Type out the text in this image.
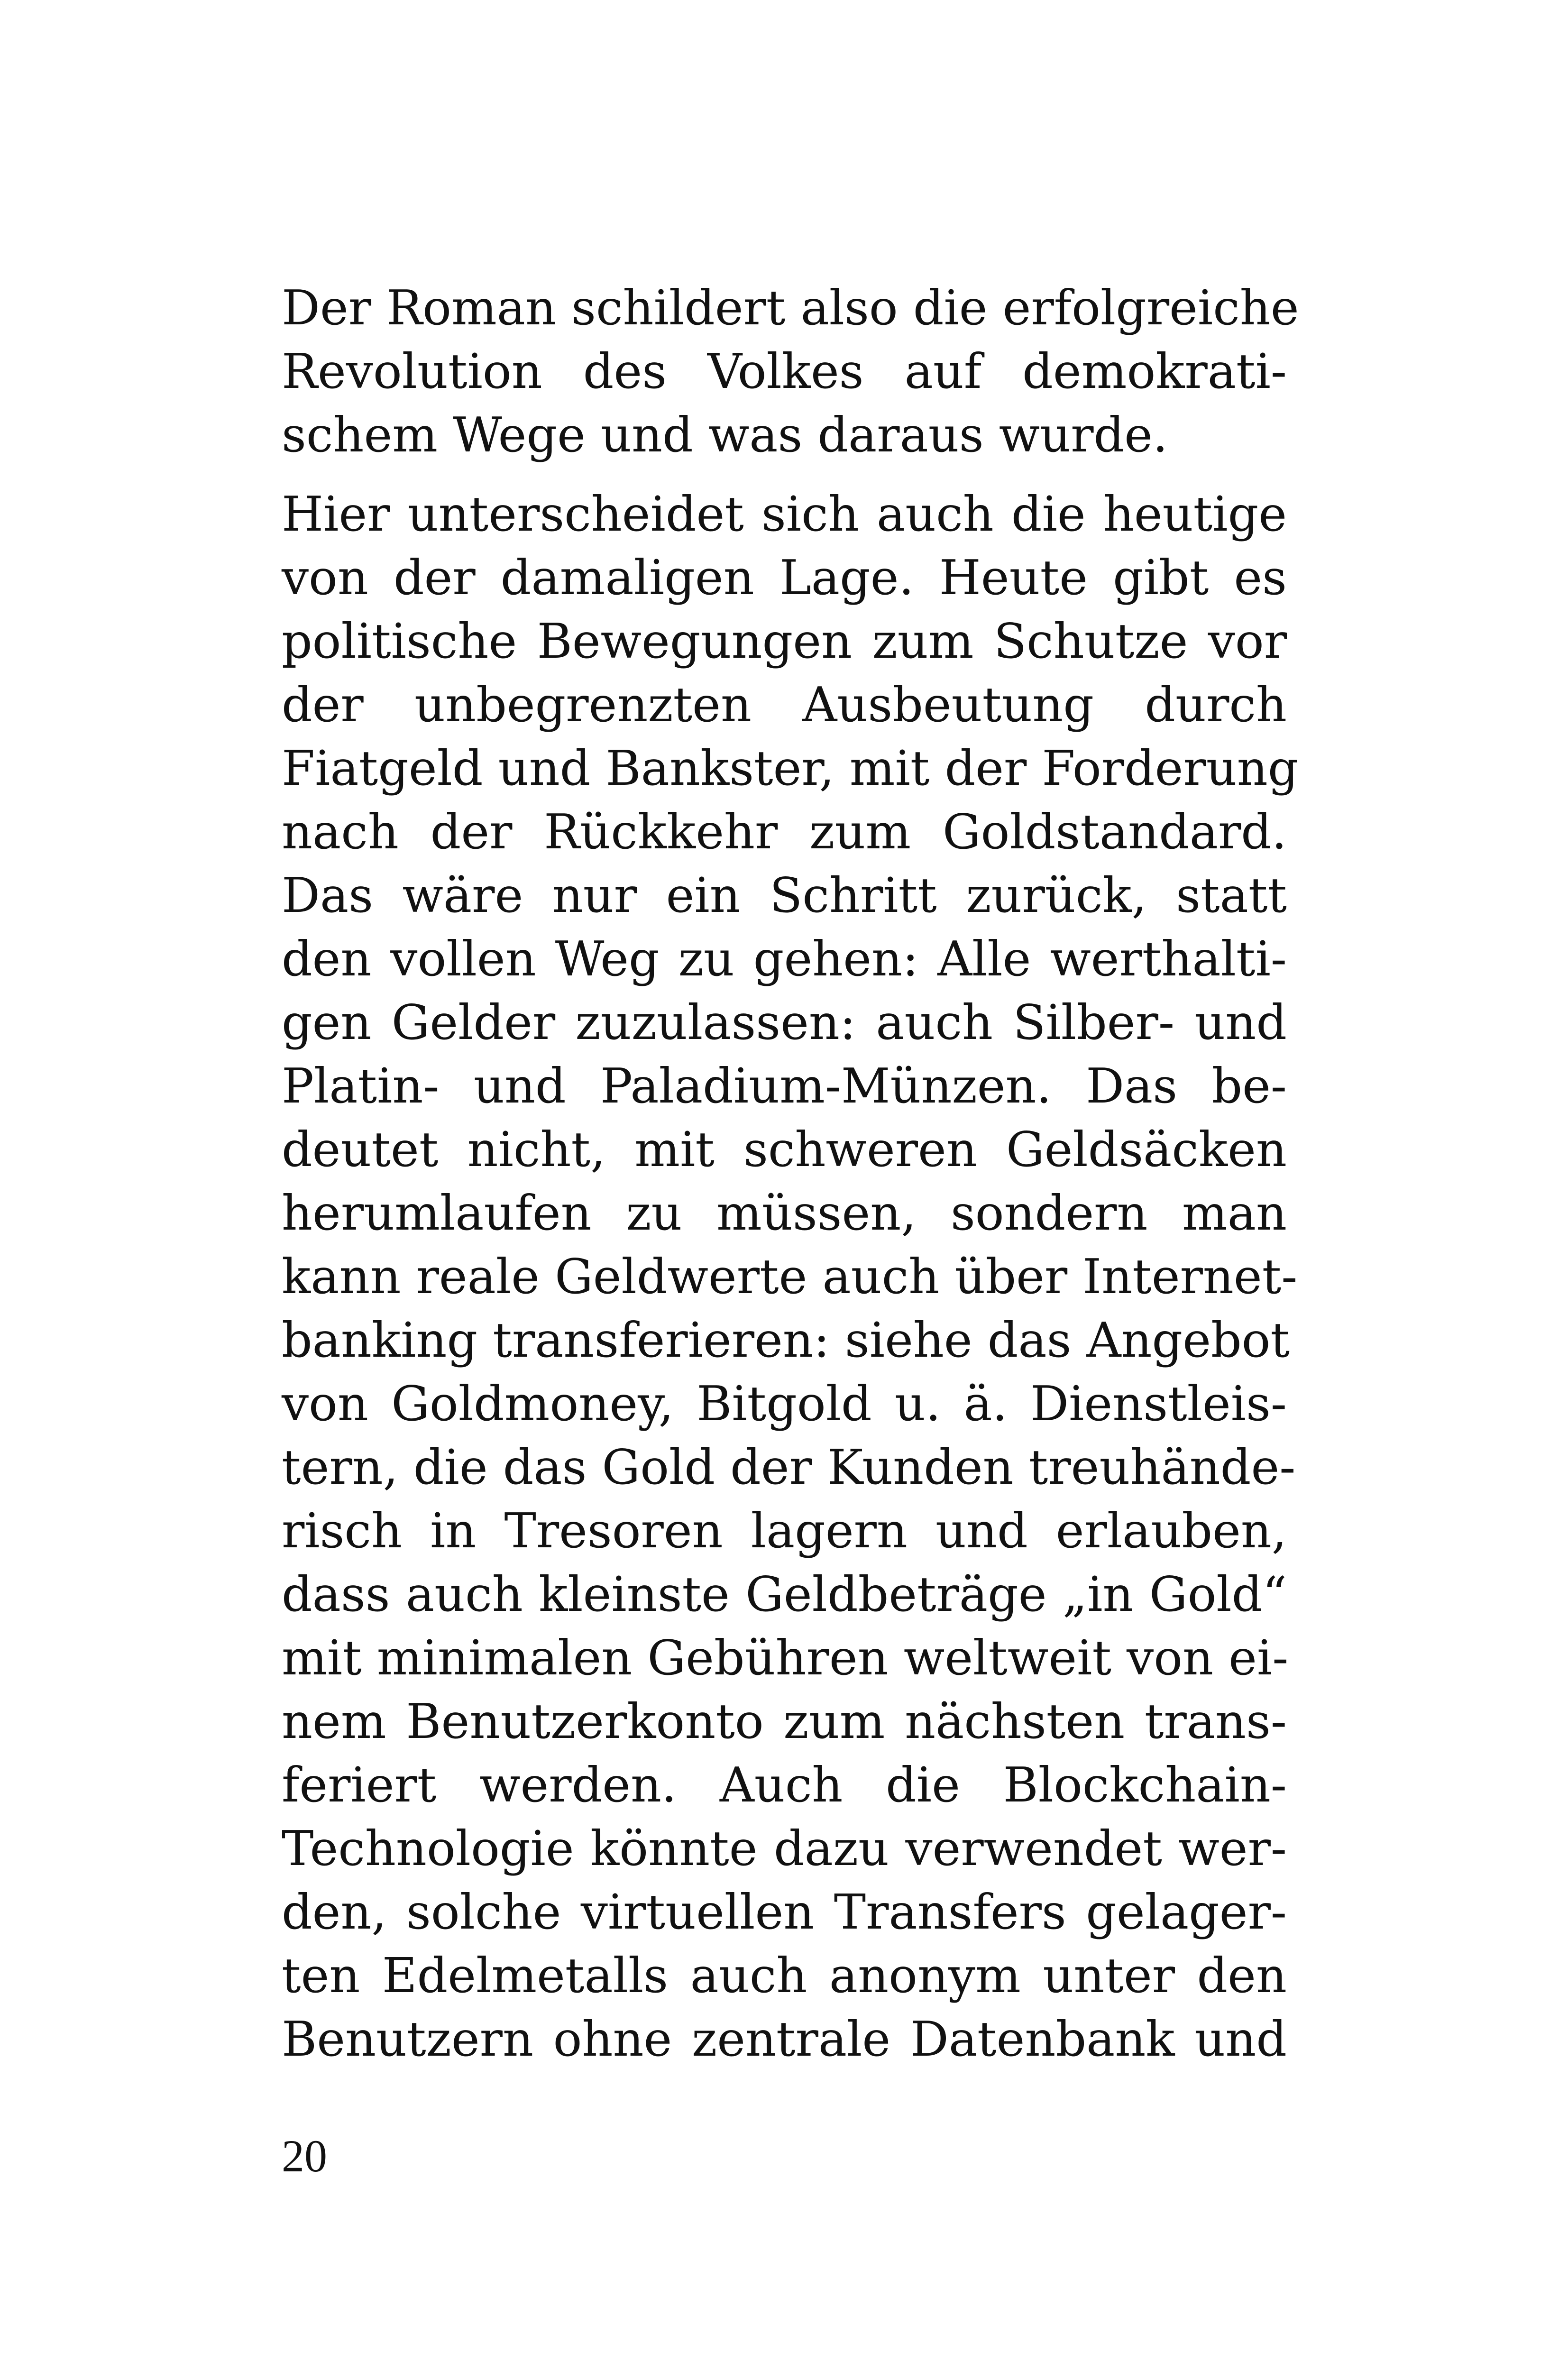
Der Roman schildert also die erfolgreiche
Revolution des Volkes auf demokrati-
schem Wege und was daraus wurde.

Hier unterscheidet sich auch die heutige
von der damaligen Lage. Heute gibt es
politische Bewegungen zum Schutze vor
der unbegrenzten Ausbeutung durch
Fiatgeld und Bankster, mit der Forderung
nach der Rückkehr zum Goldstandard.
Das wäre nur ein Schritt zurück, statt
den vollen Weg zu gehen: Alle werthalti-
gen Gelder zuzulassen: auch Silber- und
Platin- und Paladium-Münzen. Das be-
deutet nicht, mit schweren Geldsäcken
herumlaufen zu müssen, sondern man
kann reale Geldwerte auch über Internet-
banking transferieren: siehe das Angebot
von Goldmoney, Bitgold u. ä. Dienstleis-
tern, die das Gold der Kunden treuhände-
risch in Tresoren lagern und erlauben,
dass auch kleinste Geldbeträge „in Gold“
mit minimalen Gebühren weltweit von ei-
nem Benutzerkonto zum nächsten trans-
feriert werden. Auch die Blockchain-
Technologie könnte dazu verwendet wer-
den, solche virtuellen Transfers gelager-
ten Edelmetalls auch anonym unter den
Benutzern ohne zentrale Datenbank und

20
